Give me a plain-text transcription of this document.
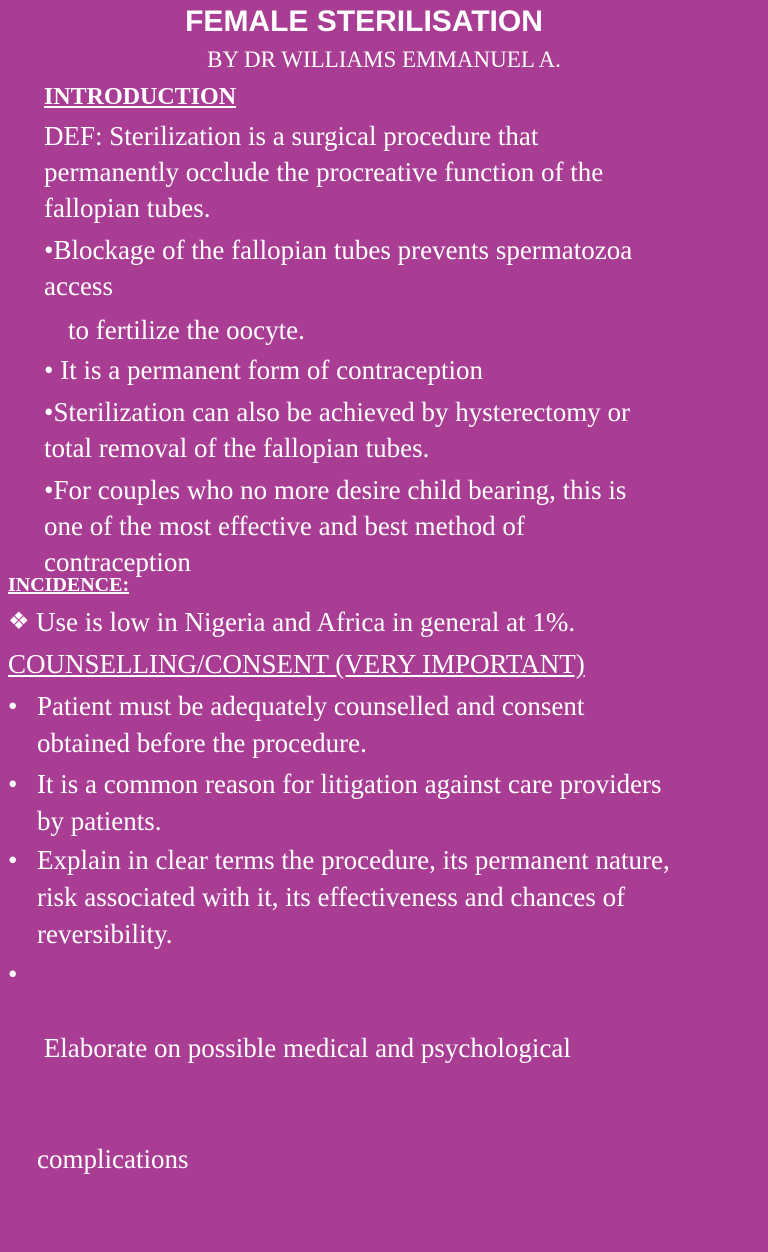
FEMALE STERILISATION
BY DR WILLIAMS EMMANUEL A.
INTRODUCTION
DEF: Sterilization is a surgical procedure that
permanently occlude the procreative function of the
fallopian tubes.
•Blockage of the fallopian tubes prevents spermatozoa
access
to fertilize the oocyte.
• It is a permanent form of contraception
•Sterilization can also be achieved by hysterectomy or
total removal of the fallopian tubes.
•For couples who no more desire child bearing, this is
one of the most effective and best method of
contraception
INCIDENCE:
❖ Use is low in Nigeria and Africa in general at 1%.
COUNSELLING/CONSENT (VERY IMPORTANT)
• Patient must be adequately counselled and consent
obtained before the procedure.
• It is a common reason for litigation against care providers
by patients.
• Explain in clear terms the procedure, its permanent nature,
risk associated with it, its effectiveness and chances of
reversibility.
•

Elaborate on possible medical and psychological

complications
